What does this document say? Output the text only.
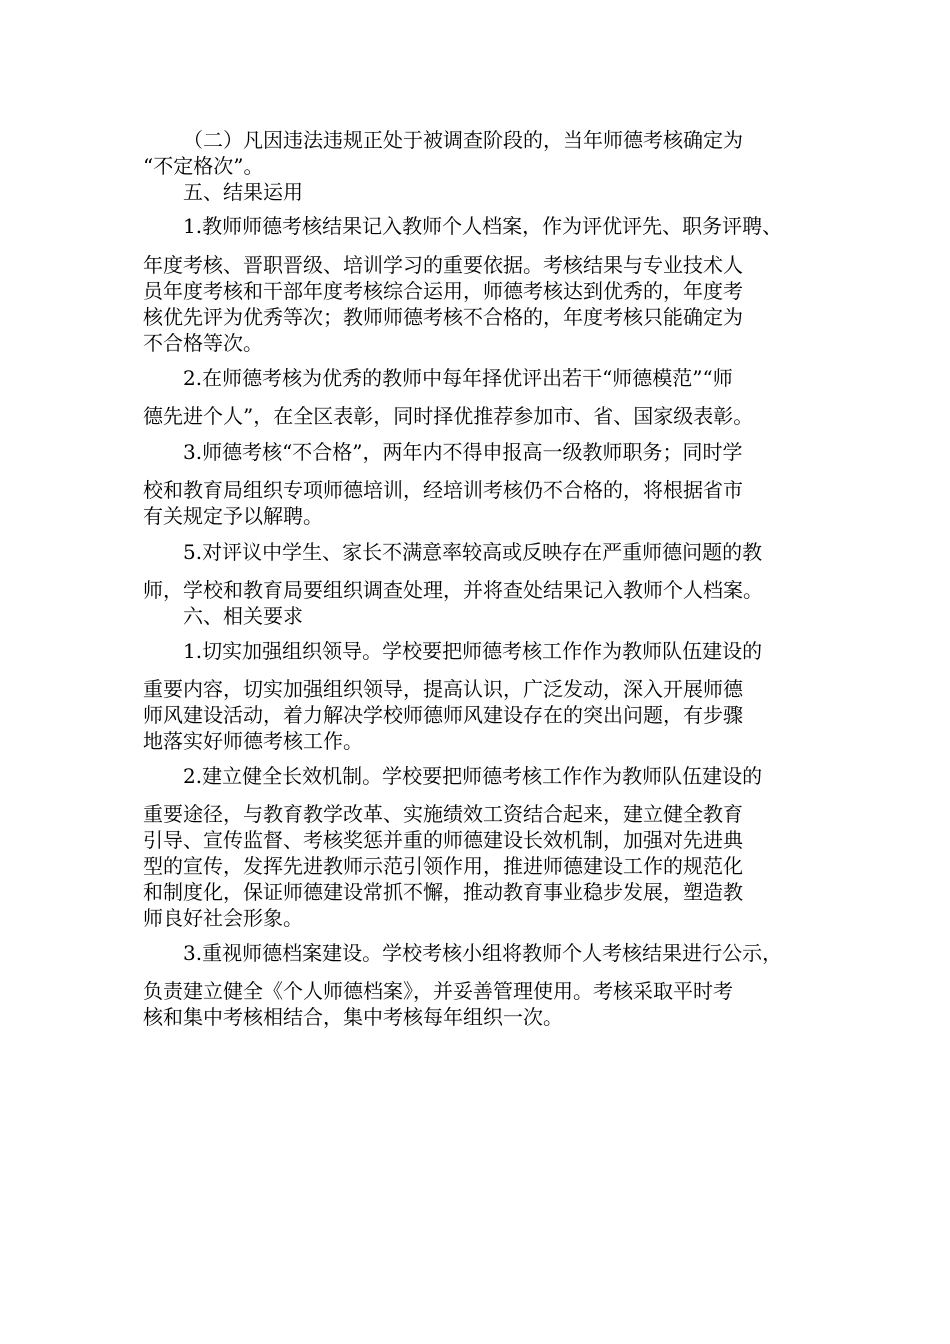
（二）凡因违法违规正处于被调查阶段的，当年师德考核确定为
“不定格次”。
五、结果运用
1.教师师德考核结果记入教师个人档案，作为评优评先、职务评聘、
年度考核、晋职晋级、培训学习的重要依据。考核结果与专业技术人
员年度考核和干部年度考核综合运用，师德考核达到优秀的，年度考
核优先评为优秀等次；教师师德考核不合格的，年度考核只能确定为
不合格等次。
2.在师德考核为优秀的教师中每年择优评出若干“师德模范”“师
德先进个人”，在全区表彰，同时择优推荐参加市、省、国家级表彰。
3.师德考核“不合格”，两年内不得申报高一级教师职务；同时学
校和教育局组织专项师德培训，经培训考核仍不合格的，将根据省市
有关规定予以解聘。
5.对评议中学生、家长不满意率较高或反映存在严重师德问题的教
师，学校和教育局要组织调查处理，并将查处结果记入教师个人档案。
六、相关要求
1.切实加强组织领导。学校要把师德考核工作作为教师队伍建设的
重要内容，切实加强组织领导，提高认识，广泛发动，深入开展师德
师风建设活动，着力解决学校师德师风建设存在的突出问题，有步骤
地落实好师德考核工作。
2.建立健全长效机制。学校要把师德考核工作作为教师队伍建设的
重要途径，与教育教学改革、实施绩效工资结合起来，建立健全教育
引导、宣传监督、考核奖惩并重的师德建设长效机制，加强对先进典
型的宣传，发挥先进教师示范引领作用，推进师德建设工作的规范化
和制度化，保证师德建设常抓不懈，推动教育事业稳步发展，塑造教
师良好社会形象。
3.重视师德档案建设。学校考核小组将教师个人考核结果进行公示，
负责建立健全《个人师德档案》，并妥善管理使用。考核采取平时考
核和集中考核相结合，集中考核每年组织一次。
